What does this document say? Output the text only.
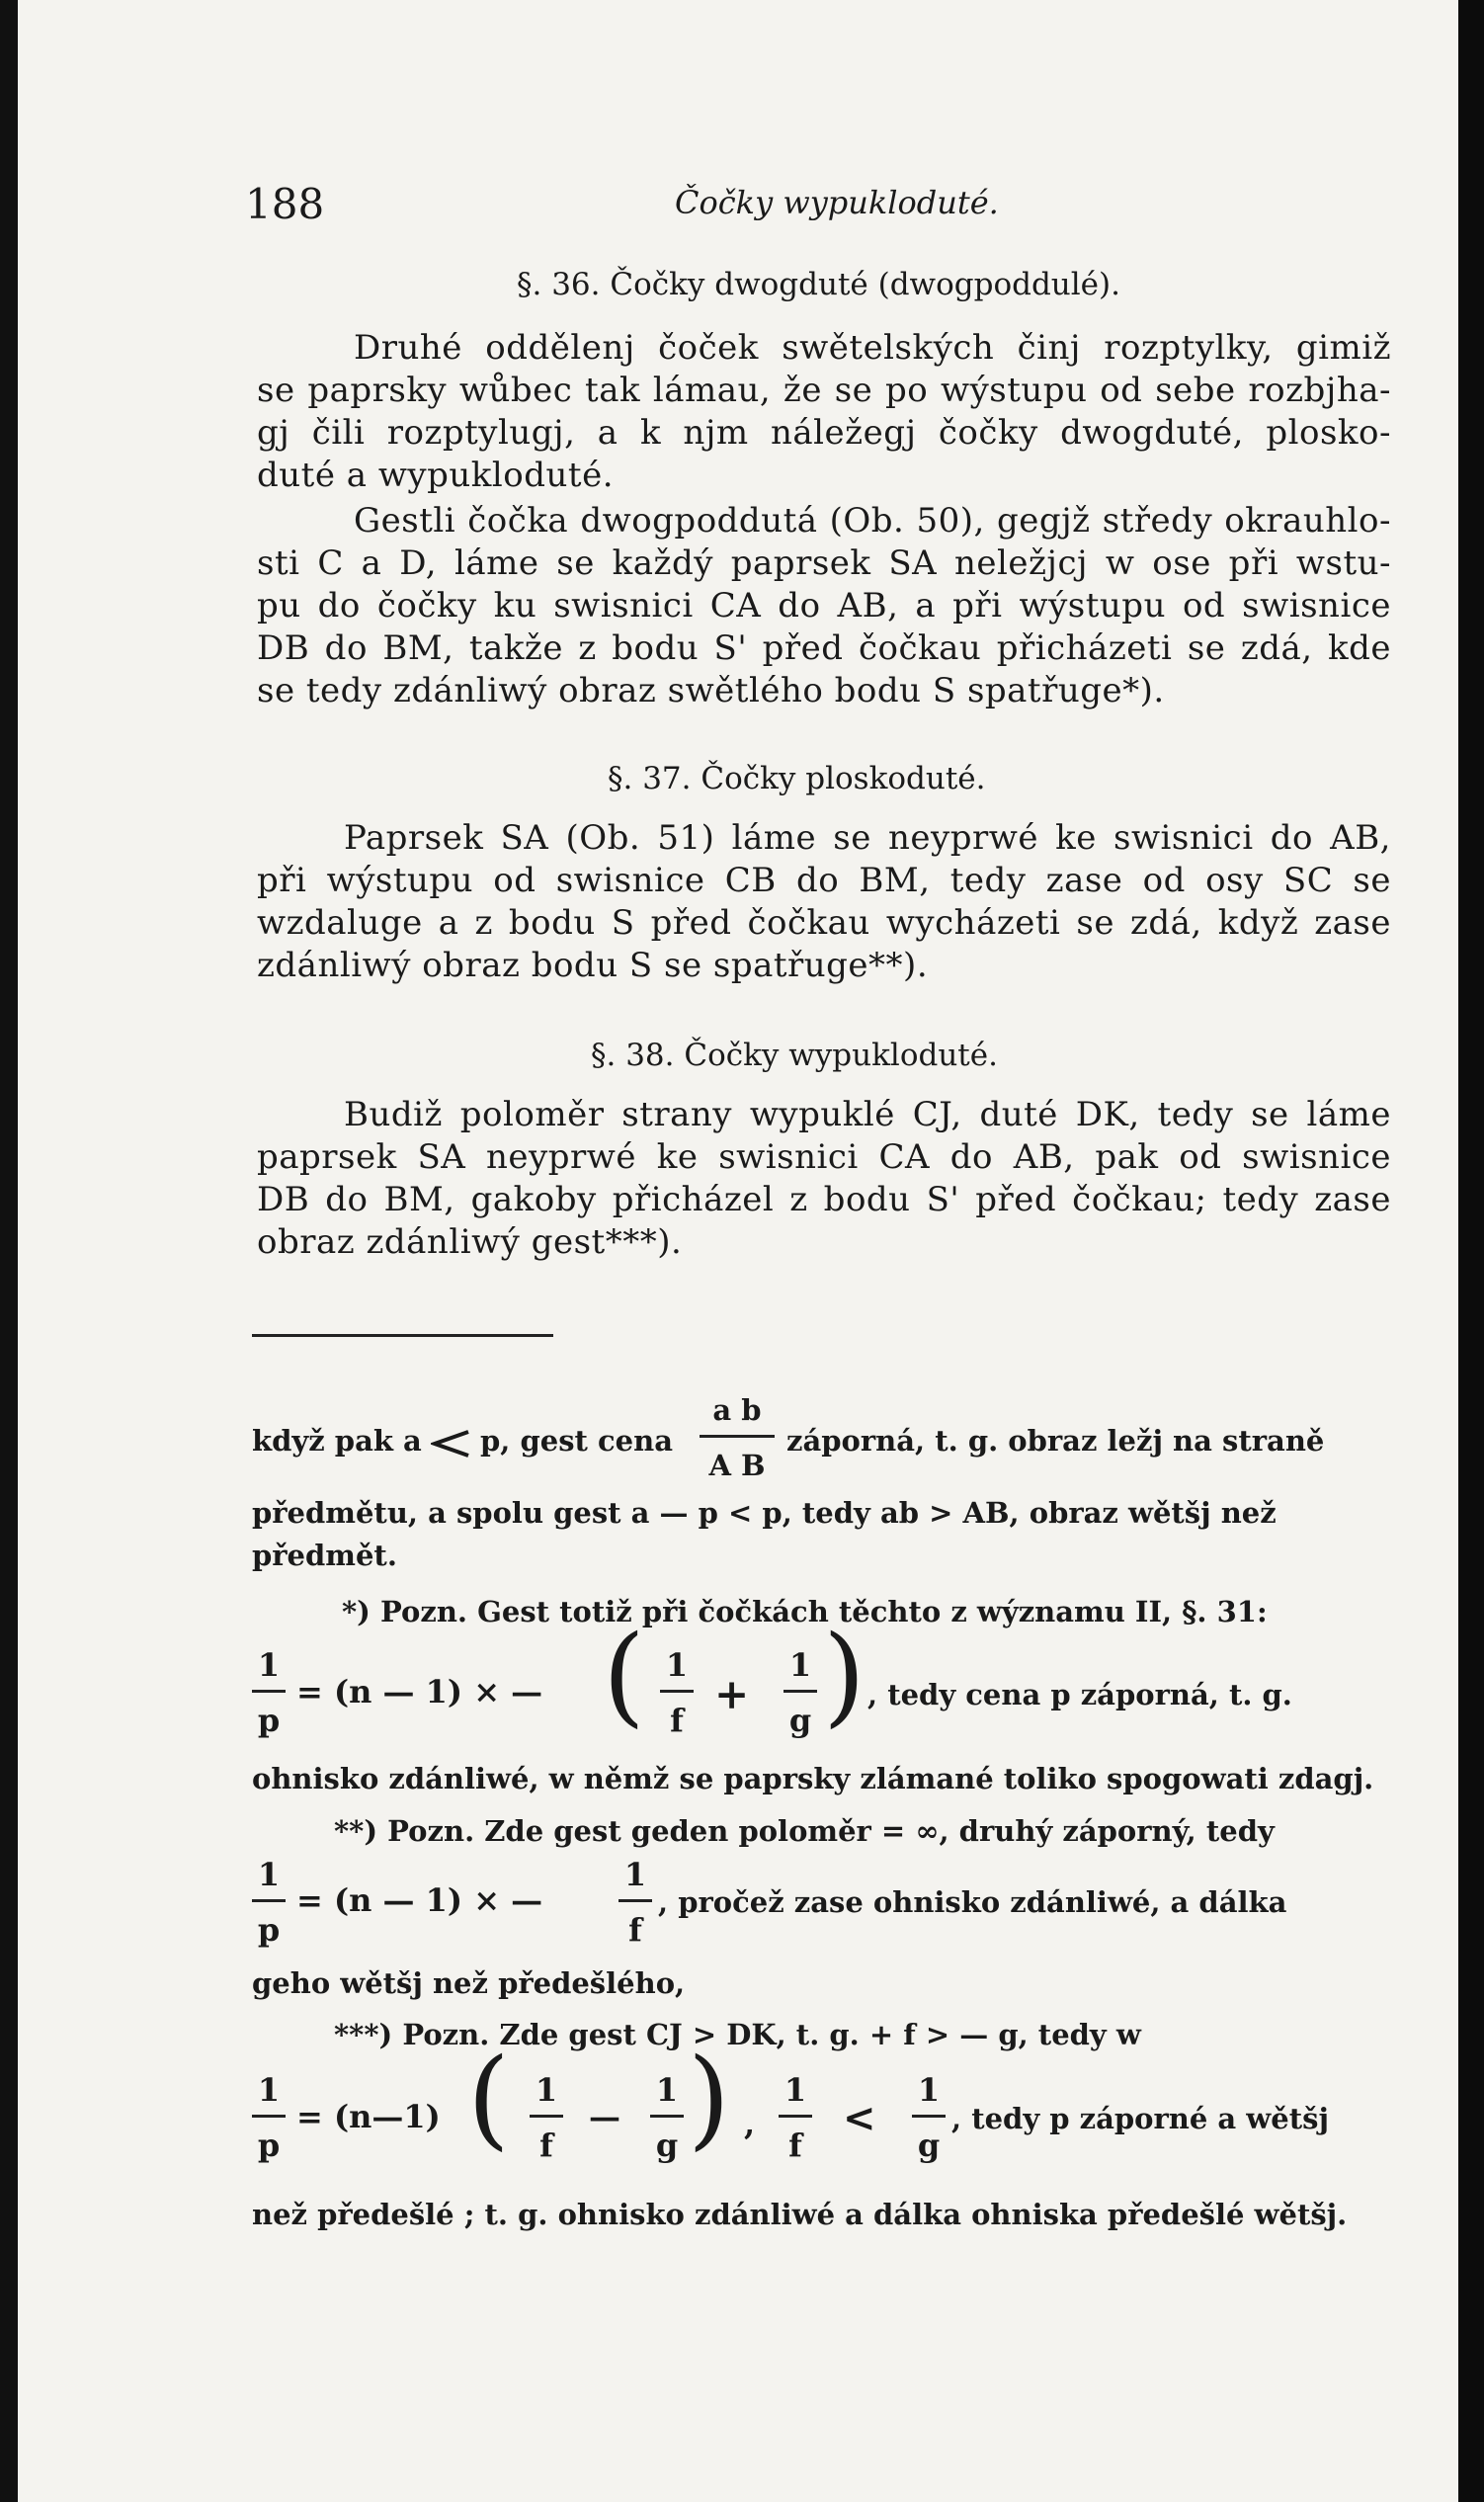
188	Čočky wypukloduté.
§. 36. Čočky dwogduté (dwogpoddulé).
Druhé oddělenj čoček swětelských činj rozptylky, gimiž
se paprsky wůbec tak lámau, že se po wýstupu od sebe rozbjha-
gj čili rozptylugj, a k njm náležegj čočky dwogduté, plosko-
duté a wypukloduté.
Gestli čočka dwogpoddutá (Ob. 50), gegjž středy okrauhlo-
sti C a D, láme se každý paprsek SA neležjcj w ose při wstu-
pu do čočky ku swisnici CA do AB, a při wýstupu od swisnice
DB do BM, takže z bodu S' před čočkau přicházeti se zdá, kde
se tedy zdánliwý obraz swětlého bodu S spatřuge*).
§. 37. Čočky ploskoduté.
Paprsek SA (Ob. 51) láme se neyprwé ke swisnici do AB,
při wýstupu od swisnice CB do BM, tedy zase od osy SC se
wzdaluge a z bodu S před čočkau wycházeti se zdá, když zase
zdánliwý obraz bodu S se spatřuge**).
§. 38. Čočky wypukloduté.
Budiž poloměr strany wypuklé CJ, duté DK, tedy se láme
paprsek SA neyprwé ke swisnici CA do AB, pak od swisnice
DB do BM, gakoby přicházel z bodu S' před čočkau; tedy zase
obraz zdánliwý gest***).
když pak a p, gest cena
a b
A B
záporná, t. g. obraz ležj na straně
předmětu, a spolu gest a — p < p, tedy ab > AB, obraz wětšj než
předmět.
*) Pozn. Gest totiž při čočkách těchto z wýznamu II, §. 31:
1
p
= (n — 1) × — ( 1
f
+
1
g ) , tedy cena p záporná, t. g.
ohnisko zdánliwé, w němž se paprsky zlámané toliko spogowati zdagj.
**) Pozn. Zde gest geden poloměr = ∞, druhý záporný, tedy
1
p
= (n — 1) × —
1
f
, pročež zase ohnisko zdánliwé, a dálka
geho wětšj než předešlého,
***) Pozn. Zde gest CJ > DK, t. g. + f > — g, tedy w
1
p
= (n—1) ( 1
f
—
1
g ) ,
1
f
<
1
g
, tedy p záporné a wětšj
než předešlé ; t. g. ohnisko zdánliwé a dálka ohniska předešlé wětšj.
